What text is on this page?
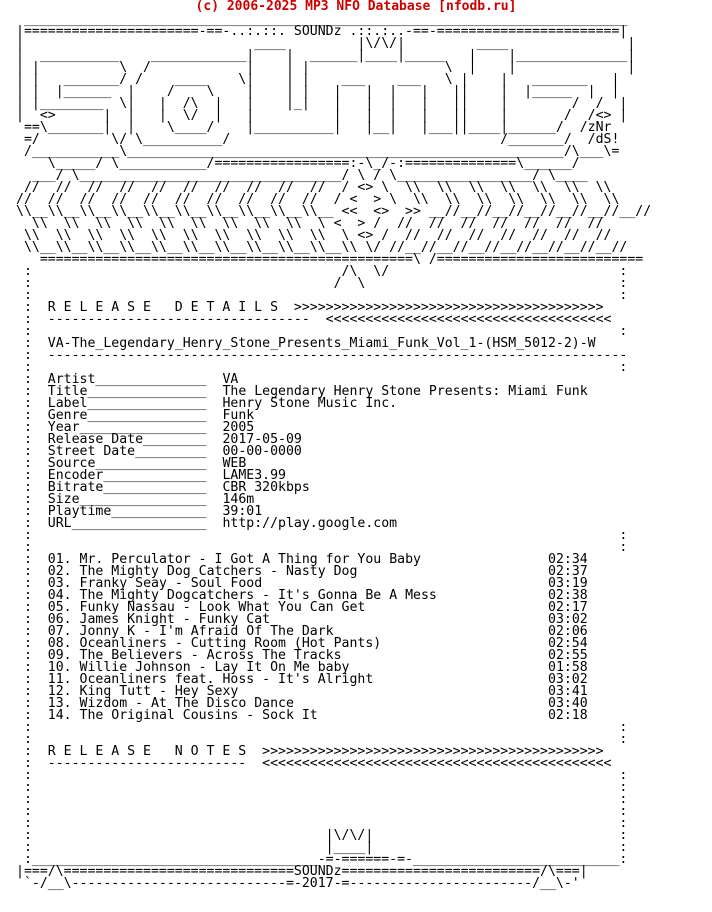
(c) 2006-2025 MP3 NFO Database [nfodb.ru]
____________________________________________________________________________
|======================-==-..:.::. SOUNDz .::.:..-==-=======================|
|                             ____         |\/\/|         ____               |
|  __________    ____________|    |  ______|____|_____   |    |______________|
| |          \  /            |    | |                 \  |    |              |
| |   _______/ /    ____    \|    | |    ___    ___   \ |    |   _______   |
| |  |______  |    /    \    |    | |   |   |  |   |   ||    |  |_____  |  |
| |________  \|   |  /\  |   |    |_|   |   |  |   |   ||    |        /  /  |
|  <>      |  |   |  \/  |   |          |   |  |   |   ||    |       /  /<> |
==\_______|  |    \____/    |__________|   |__|   |___||____|______/  /zNr
=/         \/ \__________/                                  /_______/  /dS!
/___________\_______________________________________________________/\___\=
\_____/ \___________/=================:-\_/-:==============\______/
___/ \_________________________________/ \ / \_________________/ \____
//  //  //  //  //  //  //  //  //  //  / <> \  \\  \\  \\  \\  \\  \\  \\
//  //  //  //  //  //  //  //  //  //  / <  > \  \\  \\  \\  \\  \\  \\  \\
\\__\\__\\__\\__\\__\\__\\__\\__\\__\\__ <<  <>  >> __//__//__//__//__//__//__//
\\  \\  \\  \\  \\  \\  \\  \\  \\  \ <  > /  //  //  //  //  //  //  //
\\  \\  \\  \\  \\  \\  \\  \\  \\  \\  \ <> /  //  //  //  //  //  //  //
\\__\\__\\__\\__\\__\\__\\__\\__\\__\\__\\ \/ //__//__//__//__//__//__//__//
===============================================\ /==========================
:                                       /\  \/                             :
:                                      /  \                                :
:                                                                          :
:  R E L E A S E   D E T A I L S  >>>>>>>>>>>>>>>>>>>>>>>>>>>>>>>>>>>>>>>
:  ---------------------------------  <<<<<<<<<<<<<<<<<<<<<<<<<<<<<<<<<<<<
:                                                                          :
:  VA-The_Legendary_Henry_Stone_Presents_Miami_Funk_Vol_1-(HSM_5012-2)-W
:  -------------------------------------------------------------------------
:                                                                          :
:  Artist______________  VA
:  Title_______________  The Legendary Henry Stone Presents: Miami Funk
:  Label_______________  Henry Stone Music Inc.
:  Genre_______________  Funk
:  Year________________  2005
:  Release Date________  2017-05-09
:  Street Date_________  00-00-0000
:  Source______________  WEB
:  Encoder_____________  LAME3.99
:  Bitrate_____________  CBR 320kbps
:  Size________________  146m
:  Playtime____________  39:01
:  URL_________________  http://play.google.com
:                                                                          :
:                                                                          :
:  01. Mr. Perculator - I Got A Thing for You Baby	02:34
:  02. The Mighty Dog Catchers - Nasty Dog	02:37
:  03. Franky Seay - Soul Food	03:19
:  04. The Mighty Dogcatchers - It's Gonna Be A Mess	02:38
:  05. Funky Nassau - Look What You Can Get	02:17
:  06. James Knight - Funky Cat	03:02
:  07. Jonny K - I'm Afraid Of The Dark	02:06
:  08. Oceanliners - Cutting Room (Hot Pants)	02:54
:  09. The Believers - Across The Tracks	02:55
:  10. Willie Johnson - Lay It On Me baby	01:58
:  11. Oceanliners feat. Hoss - It's Alright	03:02
:  12. King Tutt - Hey Sexy	03:41
:  13. Wizdom - At The Disco Dance	03:40
:  14. The Original Cousins - Sock It	02:18
:                                                                          :
:                                                                          :
:  R E L E A S E   N O T E S  >>>>>>>>>>>>>>>>>>>>>>>>>>>>>>>>>>>>>>>>>>>
:  -------------------------  <<<<<<<<<<<<<<<<<<<<<<<<<<<<<<<<<<<<<<<<<<<<
:                                                                          :
:                                                                          :
:                                                                          :
:                                                                          :
:                                                                          :
:                                     |\/\/|                               :
:                                     |____|                               :
:____________________________________-=-======-=-__________________________:
|===/\=============================SOUNDz=========================/\===|
`-/__\---------------------------=-2017-=-----------------------/__\-'
